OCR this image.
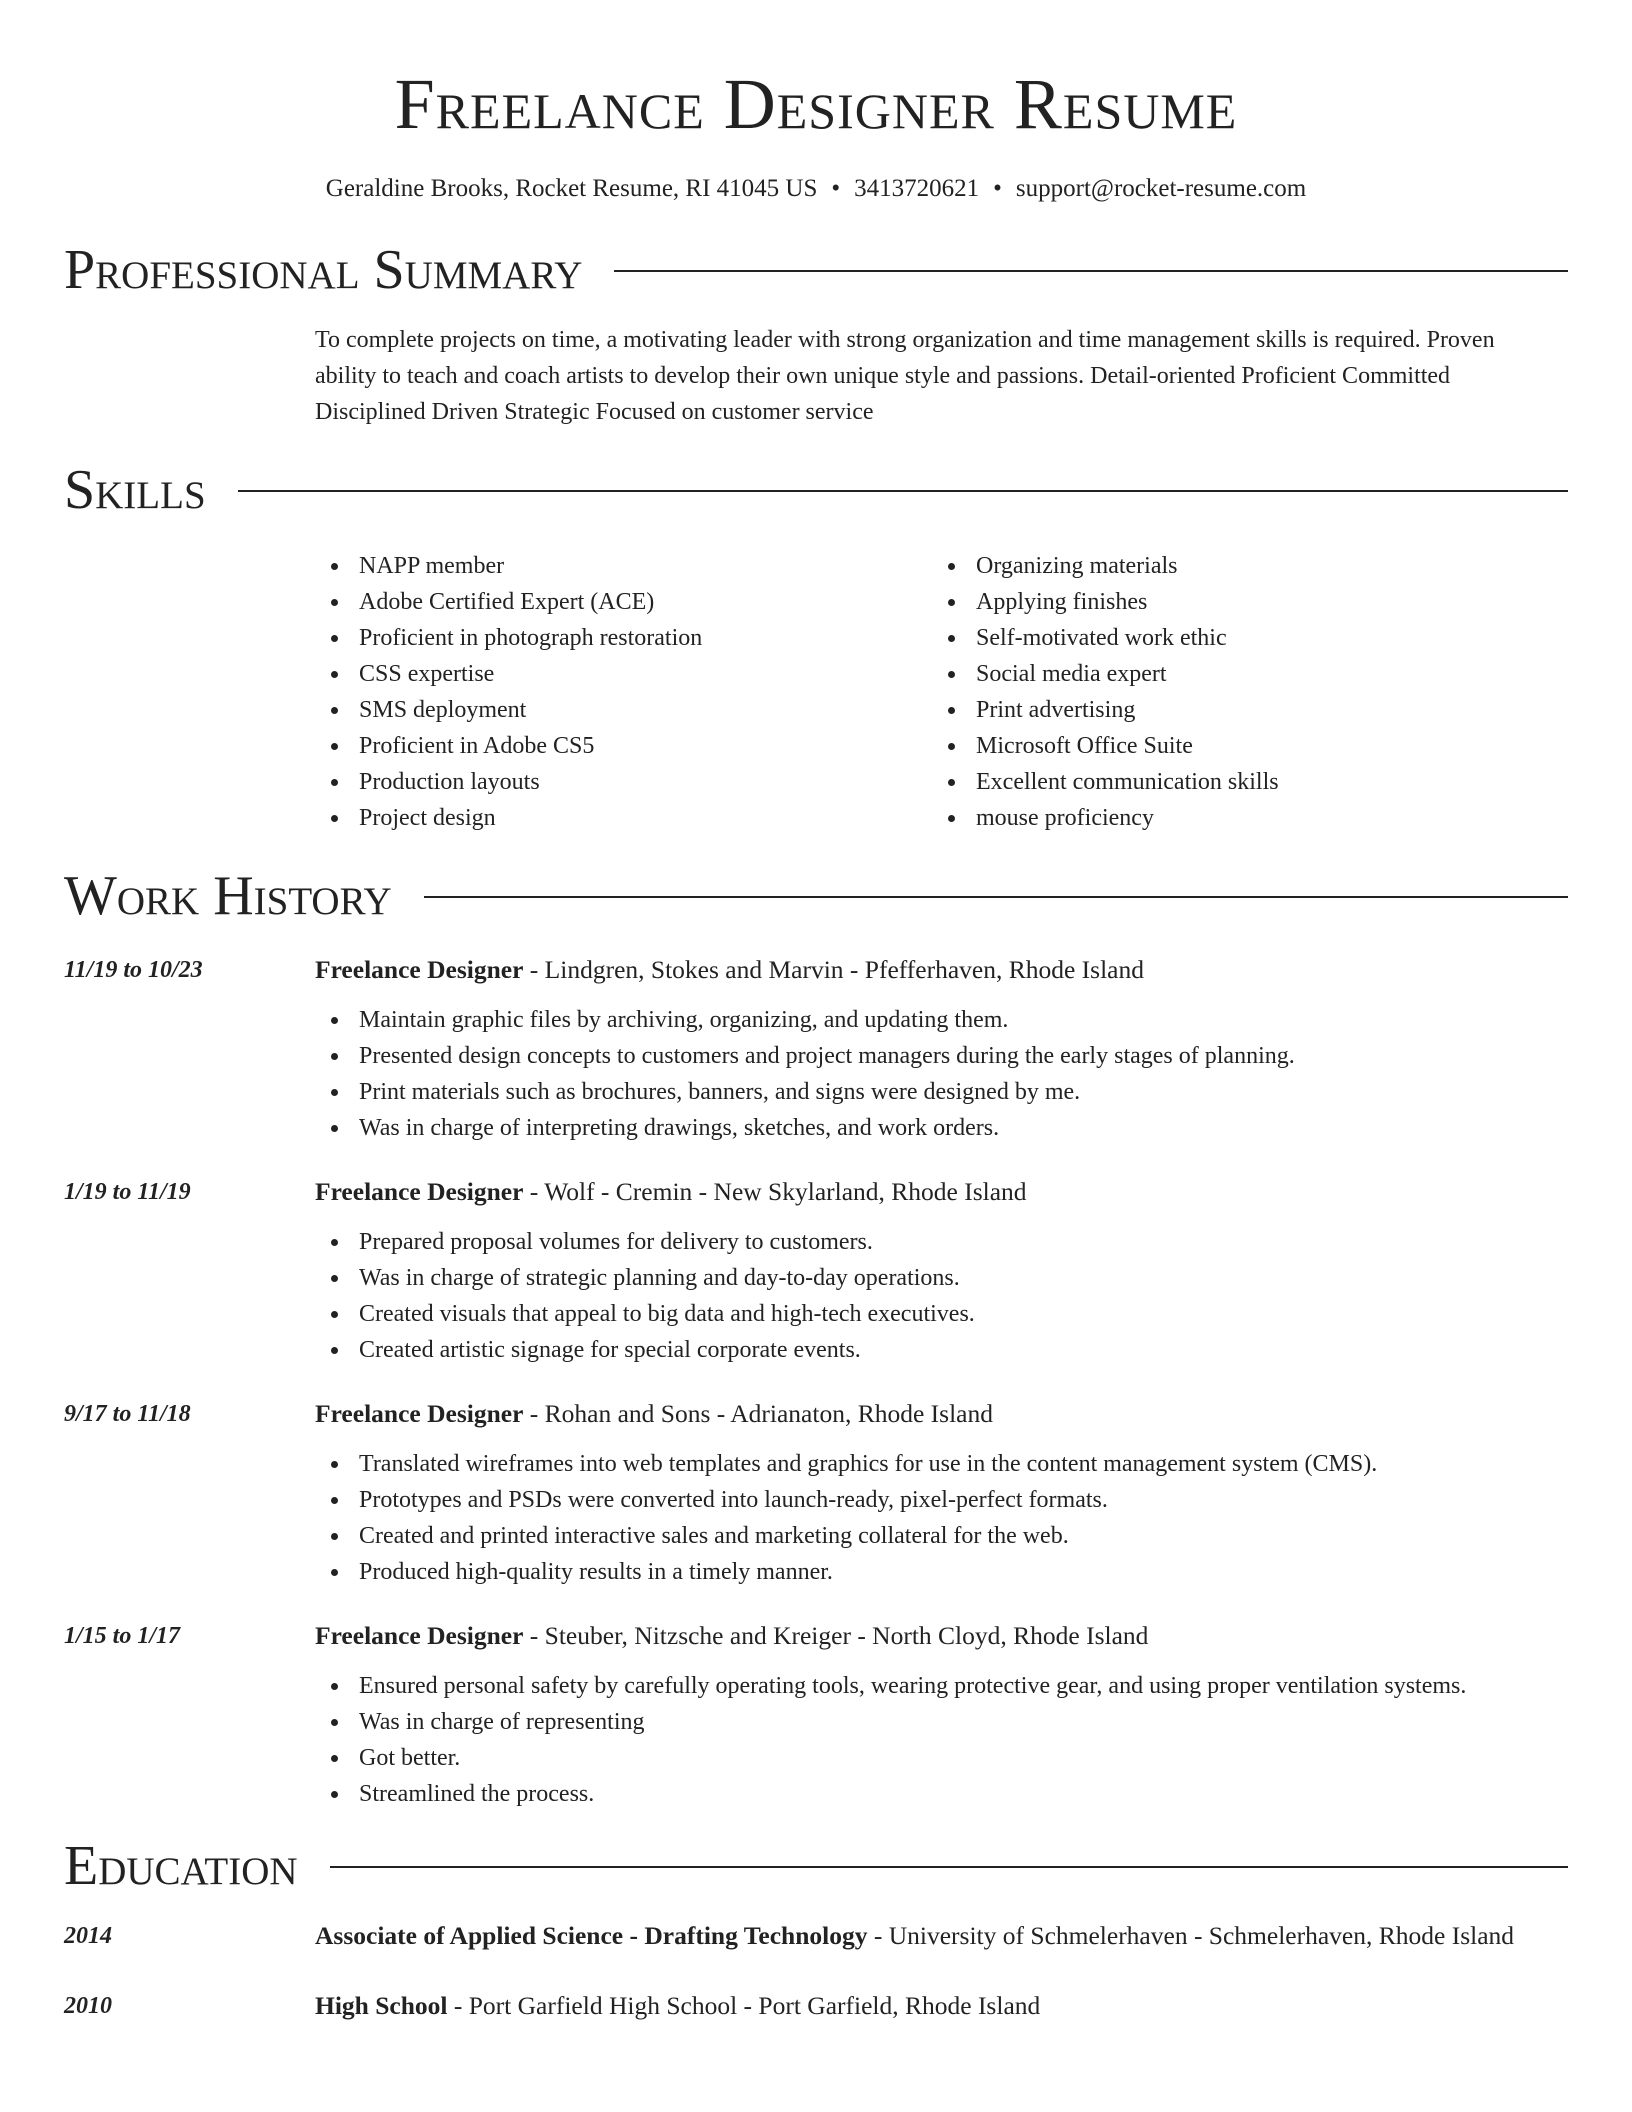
Freelance Designer Resume
Geraldine Brooks, Rocket Resume, RI 41045 US • 3413720621 • support@rocket-resume.com
Professional Summary

To complete projects on time, a motivating leader with strong organization and time management skills is required. Proven ability to teach and coach artists to develop their own unique style and passions. Detail-oriented Proficient Committed Disciplined Driven Strategic Focused on customer service

Skills
NAPP member
Adobe Certified Expert (ACE)
Proficient in photograph restoration
CSS expertise
SMS deployment
Proficient in Adobe CS5
Production layouts
Project design
Organizing materials
Applying finishes
Self-motivated work ethic
Social media expert
Print advertising
Microsoft Office Suite
Excellent communication skills
mouse proficiency
Work History
11/19 to 10/23	Freelance Designer - Lindgren, Stokes and Marvin - Pfefferhaven, Rhode Island
Maintain graphic files by archiving, organizing, and updating them.
Presented design concepts to customers and project managers during the early stages of planning.
Print materials such as brochures, banners, and signs were designed by me.
Was in charge of interpreting drawings, sketches, and work orders.
1/19 to 11/19	Freelance Designer - Wolf - Cremin - New Skylarland, Rhode Island
Prepared proposal volumes for delivery to customers.
Was in charge of strategic planning and day-to-day operations.
Created visuals that appeal to big data and high-tech executives.
Created artistic signage for special corporate events.
9/17 to 11/18	Freelance Designer - Rohan and Sons - Adrianaton, Rhode Island
Translated wireframes into web templates and graphics for use in the content management system (CMS).
Prototypes and PSDs were converted into launch-ready, pixel-perfect formats.
Created and printed interactive sales and marketing collateral for the web.
Produced high-quality results in a timely manner.
1/15 to 1/17	Freelance Designer - Steuber, Nitzsche and Kreiger - North Cloyd, Rhode Island
Ensured personal safety by carefully operating tools, wearing protective gear, and using proper ventilation systems.
Was in charge of representing
Got better.
Streamlined the process.
Education
2014	Associate of Applied Science - Drafting Technology - University of Schmelerhaven - Schmelerhaven, Rhode Island
2010	High School - Port Garfield High School - Port Garfield, Rhode Island
